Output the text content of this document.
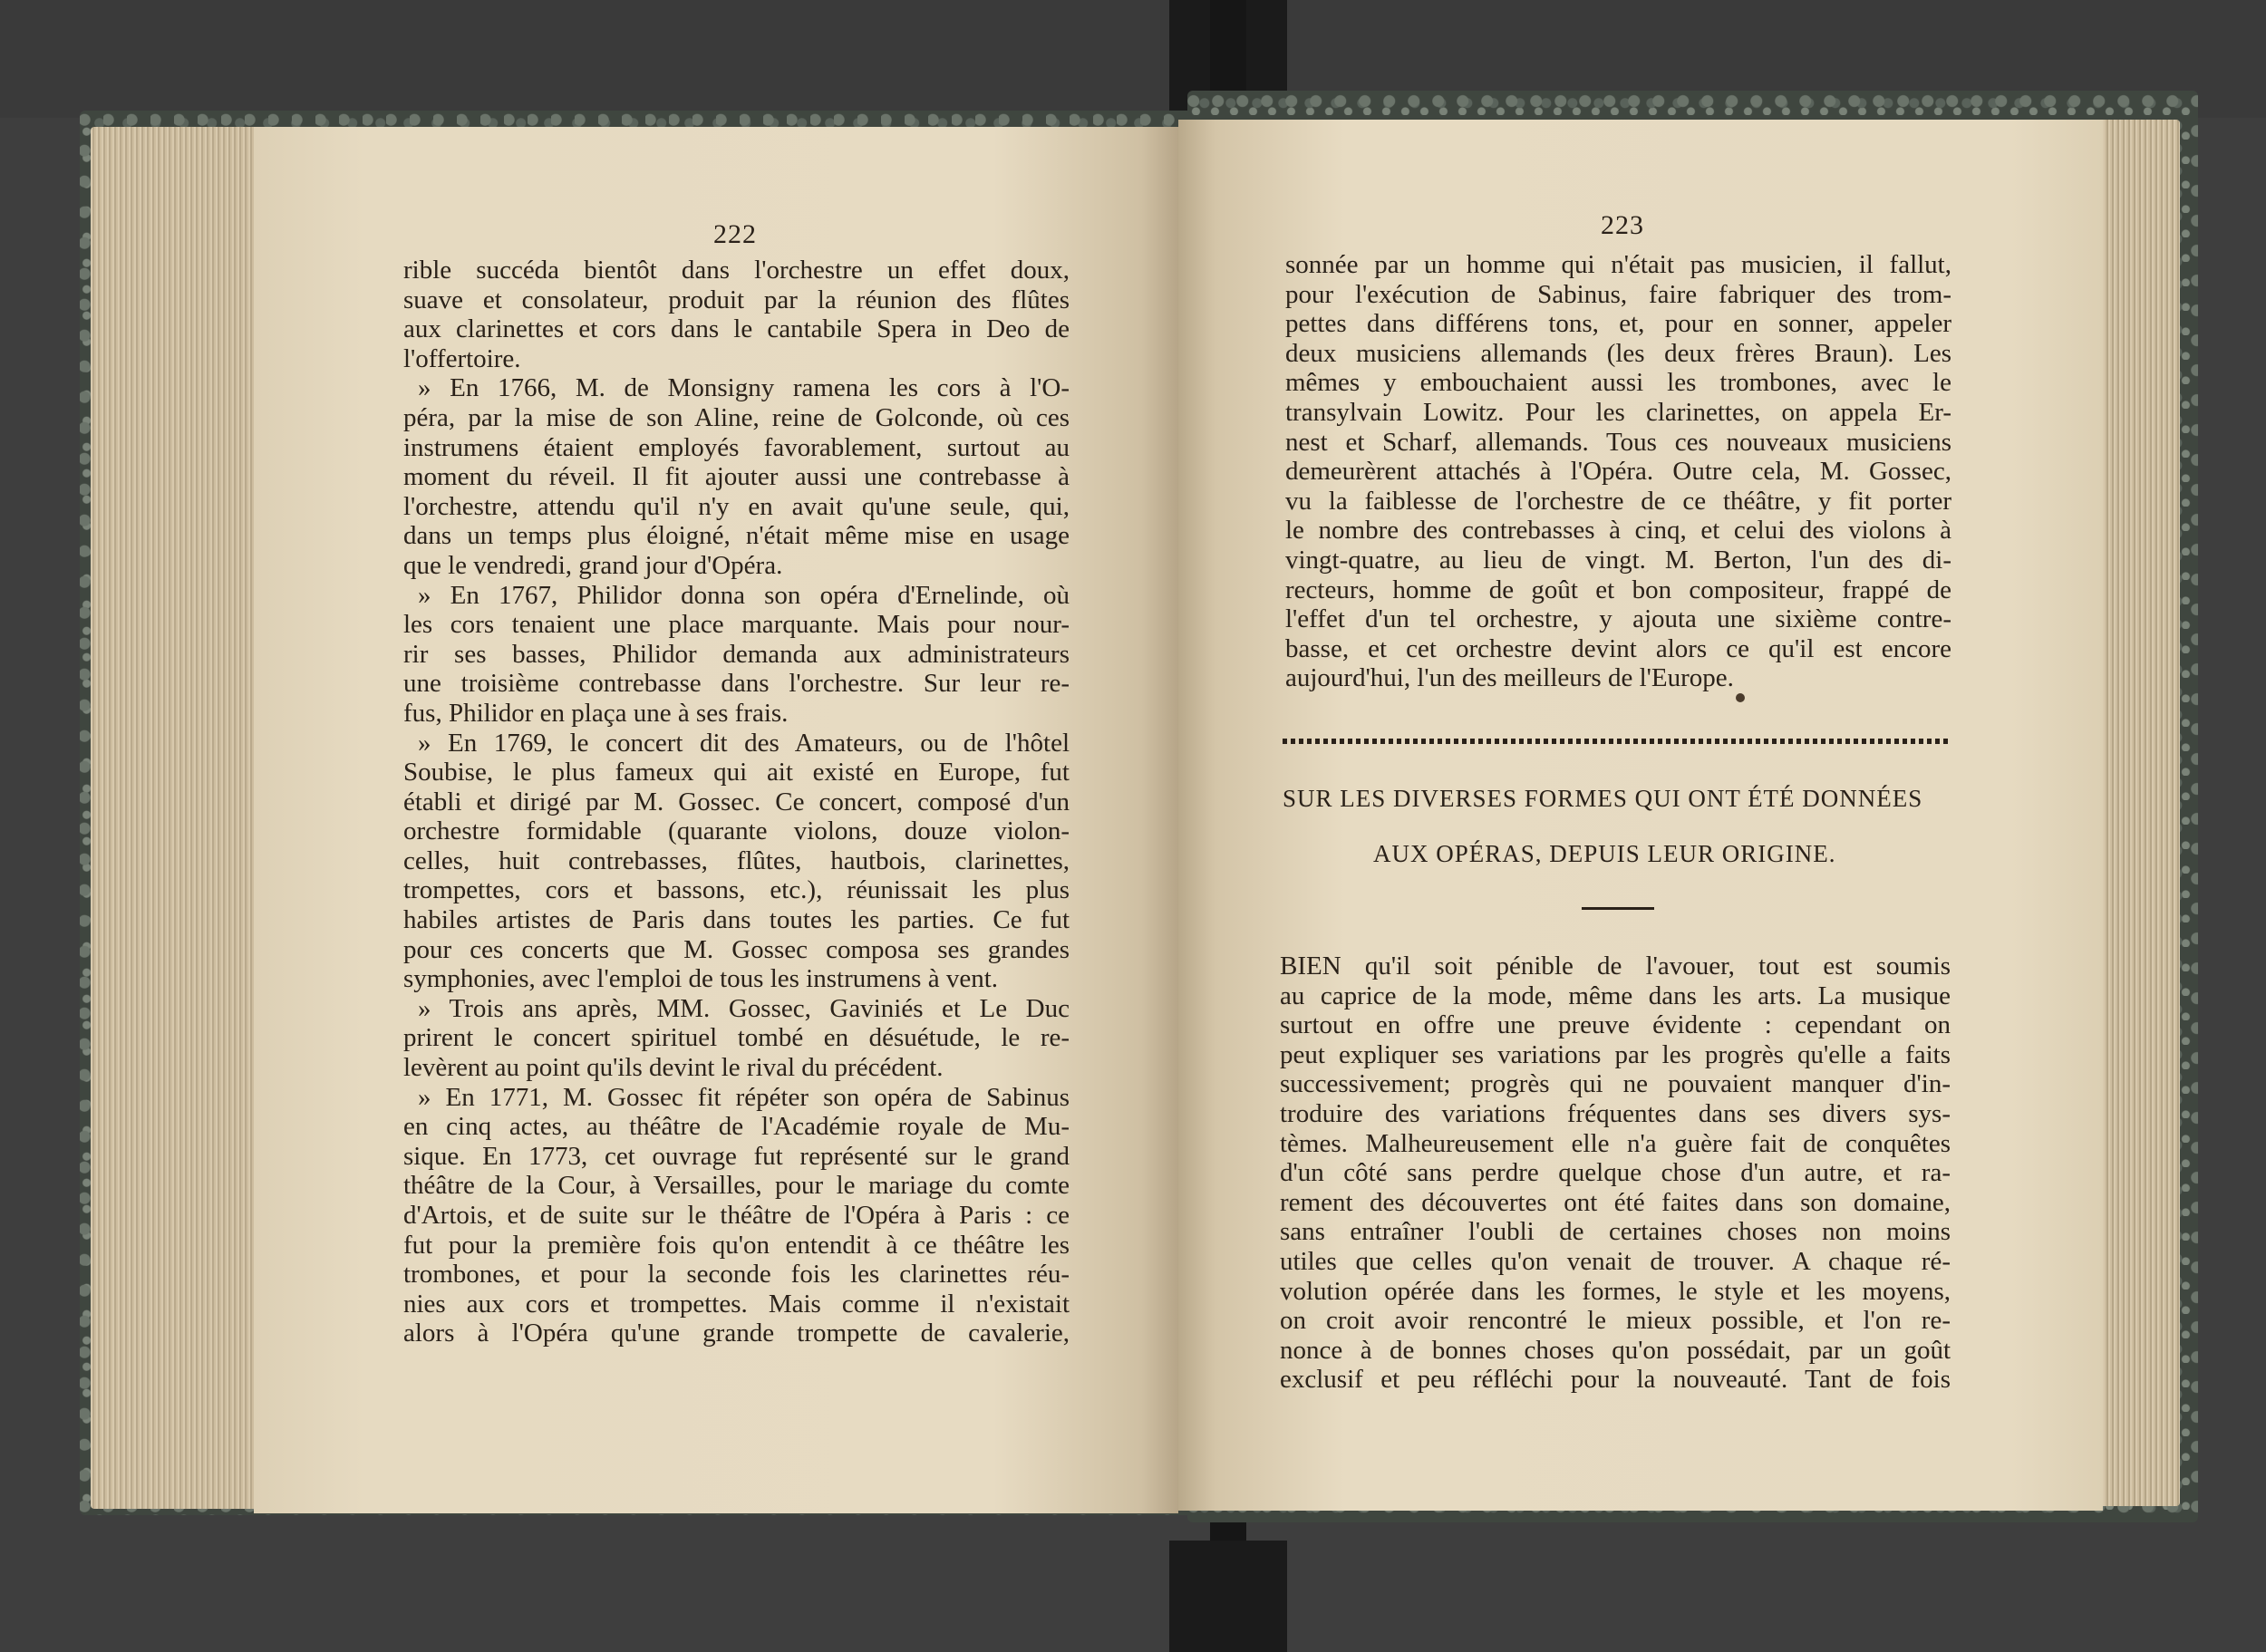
222
rible succéda bientôt dans l'orchestre un effet doux,
suave et consolateur, produit par la réunion des flûtes
aux clarinettes et cors dans le cantabile Spera in Deo de
l'offertoire.
» En 1766, M. de Monsigny ramena les cors à l'O-
péra, par la mise de son Aline, reine de Golconde, où ces
instrumens étaient employés favorablement, surtout au
moment du réveil. Il fit ajouter aussi une contrebasse à
l'orchestre, attendu qu'il n'y en avait qu'une seule, qui,
dans un temps plus éloigné, n'était même mise en usage
que le vendredi, grand jour d'Opéra.
» En 1767, Philidor donna son opéra d'Ernelinde, où
les cors tenaient une place marquante. Mais pour nour-
rir ses basses, Philidor demanda aux administrateurs
une troisième contrebasse dans l'orchestre. Sur leur re-
fus, Philidor en plaça une à ses frais.
» En 1769, le concert dit des Amateurs, ou de l'hôtel
Soubise, le plus fameux qui ait existé en Europe, fut
établi et dirigé par M. Gossec. Ce concert, composé d'un
orchestre formidable (quarante violons, douze violon-
celles, huit contrebasses, flûtes, hautbois, clarinettes,
trompettes, cors et bassons, etc.), réunissait les plus
habiles artistes de Paris dans toutes les parties. Ce fut
pour ces concerts que M. Gossec composa ses grandes
symphonies, avec l'emploi de tous les instrumens à vent.
» Trois ans après, MM. Gossec, Gaviniés et Le Duc
prirent le concert spirituel tombé en désuétude, le re-
levèrent au point qu'ils devint le rival du précédent.
» En 1771, M. Gossec fit répéter son opéra de Sabinus
en cinq actes, au théâtre de l'Académie royale de Mu-
sique. En 1773, cet ouvrage fut représenté sur le grand
théâtre de la Cour, à Versailles, pour le mariage du comte
d'Artois, et de suite sur le théâtre de l'Opéra à Paris : ce
fut pour la première fois qu'on entendit à ce théâtre les
trombones, et pour la seconde fois les clarinettes réu-
nies aux cors et trompettes. Mais comme il n'existait
alors à l'Opéra qu'une grande trompette de cavalerie,
223
sonnée par un homme qui n'était pas musicien, il fallut,
pour l'exécution de Sabinus, faire fabriquer des trom-
pettes dans différens tons, et, pour en sonner, appeler
deux musiciens allemands (les deux frères Braun). Les
mêmes y embouchaient aussi les trombones, avec le
transylvain Lowitz. Pour les clarinettes, on appela Er-
nest et Scharf, allemands. Tous ces nouveaux musiciens
demeurèrent attachés à l'Opéra. Outre cela, M. Gossec,
vu la faiblesse de l'orchestre de ce théâtre, y fit porter
le nombre des contrebasses à cinq, et celui des violons à
vingt-quatre, au lieu de vingt. M. Berton, l'un des di-
recteurs, homme de goût et bon compositeur, frappé de
l'effet d'un tel orchestre, y ajouta une sixième contre-
basse, et cet orchestre devint alors ce qu'il est encore
aujourd'hui, l'un des meilleurs de l'Europe.
SUR LES DIVERSES FORMES QUI ONT ÉTÉ DONNÉES
AUX OPÉRAS, DEPUIS LEUR ORIGINE.
BIEN qu'il soit pénible de l'avouer, tout est soumis
au caprice de la mode, même dans les arts. La musique
surtout en offre une preuve évidente : cependant on
peut expliquer ses variations par les progrès qu'elle a faits
successivement; progrès qui ne pouvaient manquer d'in-
troduire des variations fréquentes dans ses divers sys-
tèmes. Malheureusement elle n'a guère fait de conquêtes
d'un côté sans perdre quelque chose d'un autre, et ra-
rement des découvertes ont été faites dans son domaine,
sans entraîner l'oubli de certaines choses non moins
utiles que celles qu'on venait de trouver. A chaque ré-
volution opérée dans les formes, le style et les moyens,
on croit avoir rencontré le mieux possible, et l'on re-
nonce à de bonnes choses qu'on possédait, par un goût
exclusif et peu réfléchi pour la nouveauté. Tant de fois
